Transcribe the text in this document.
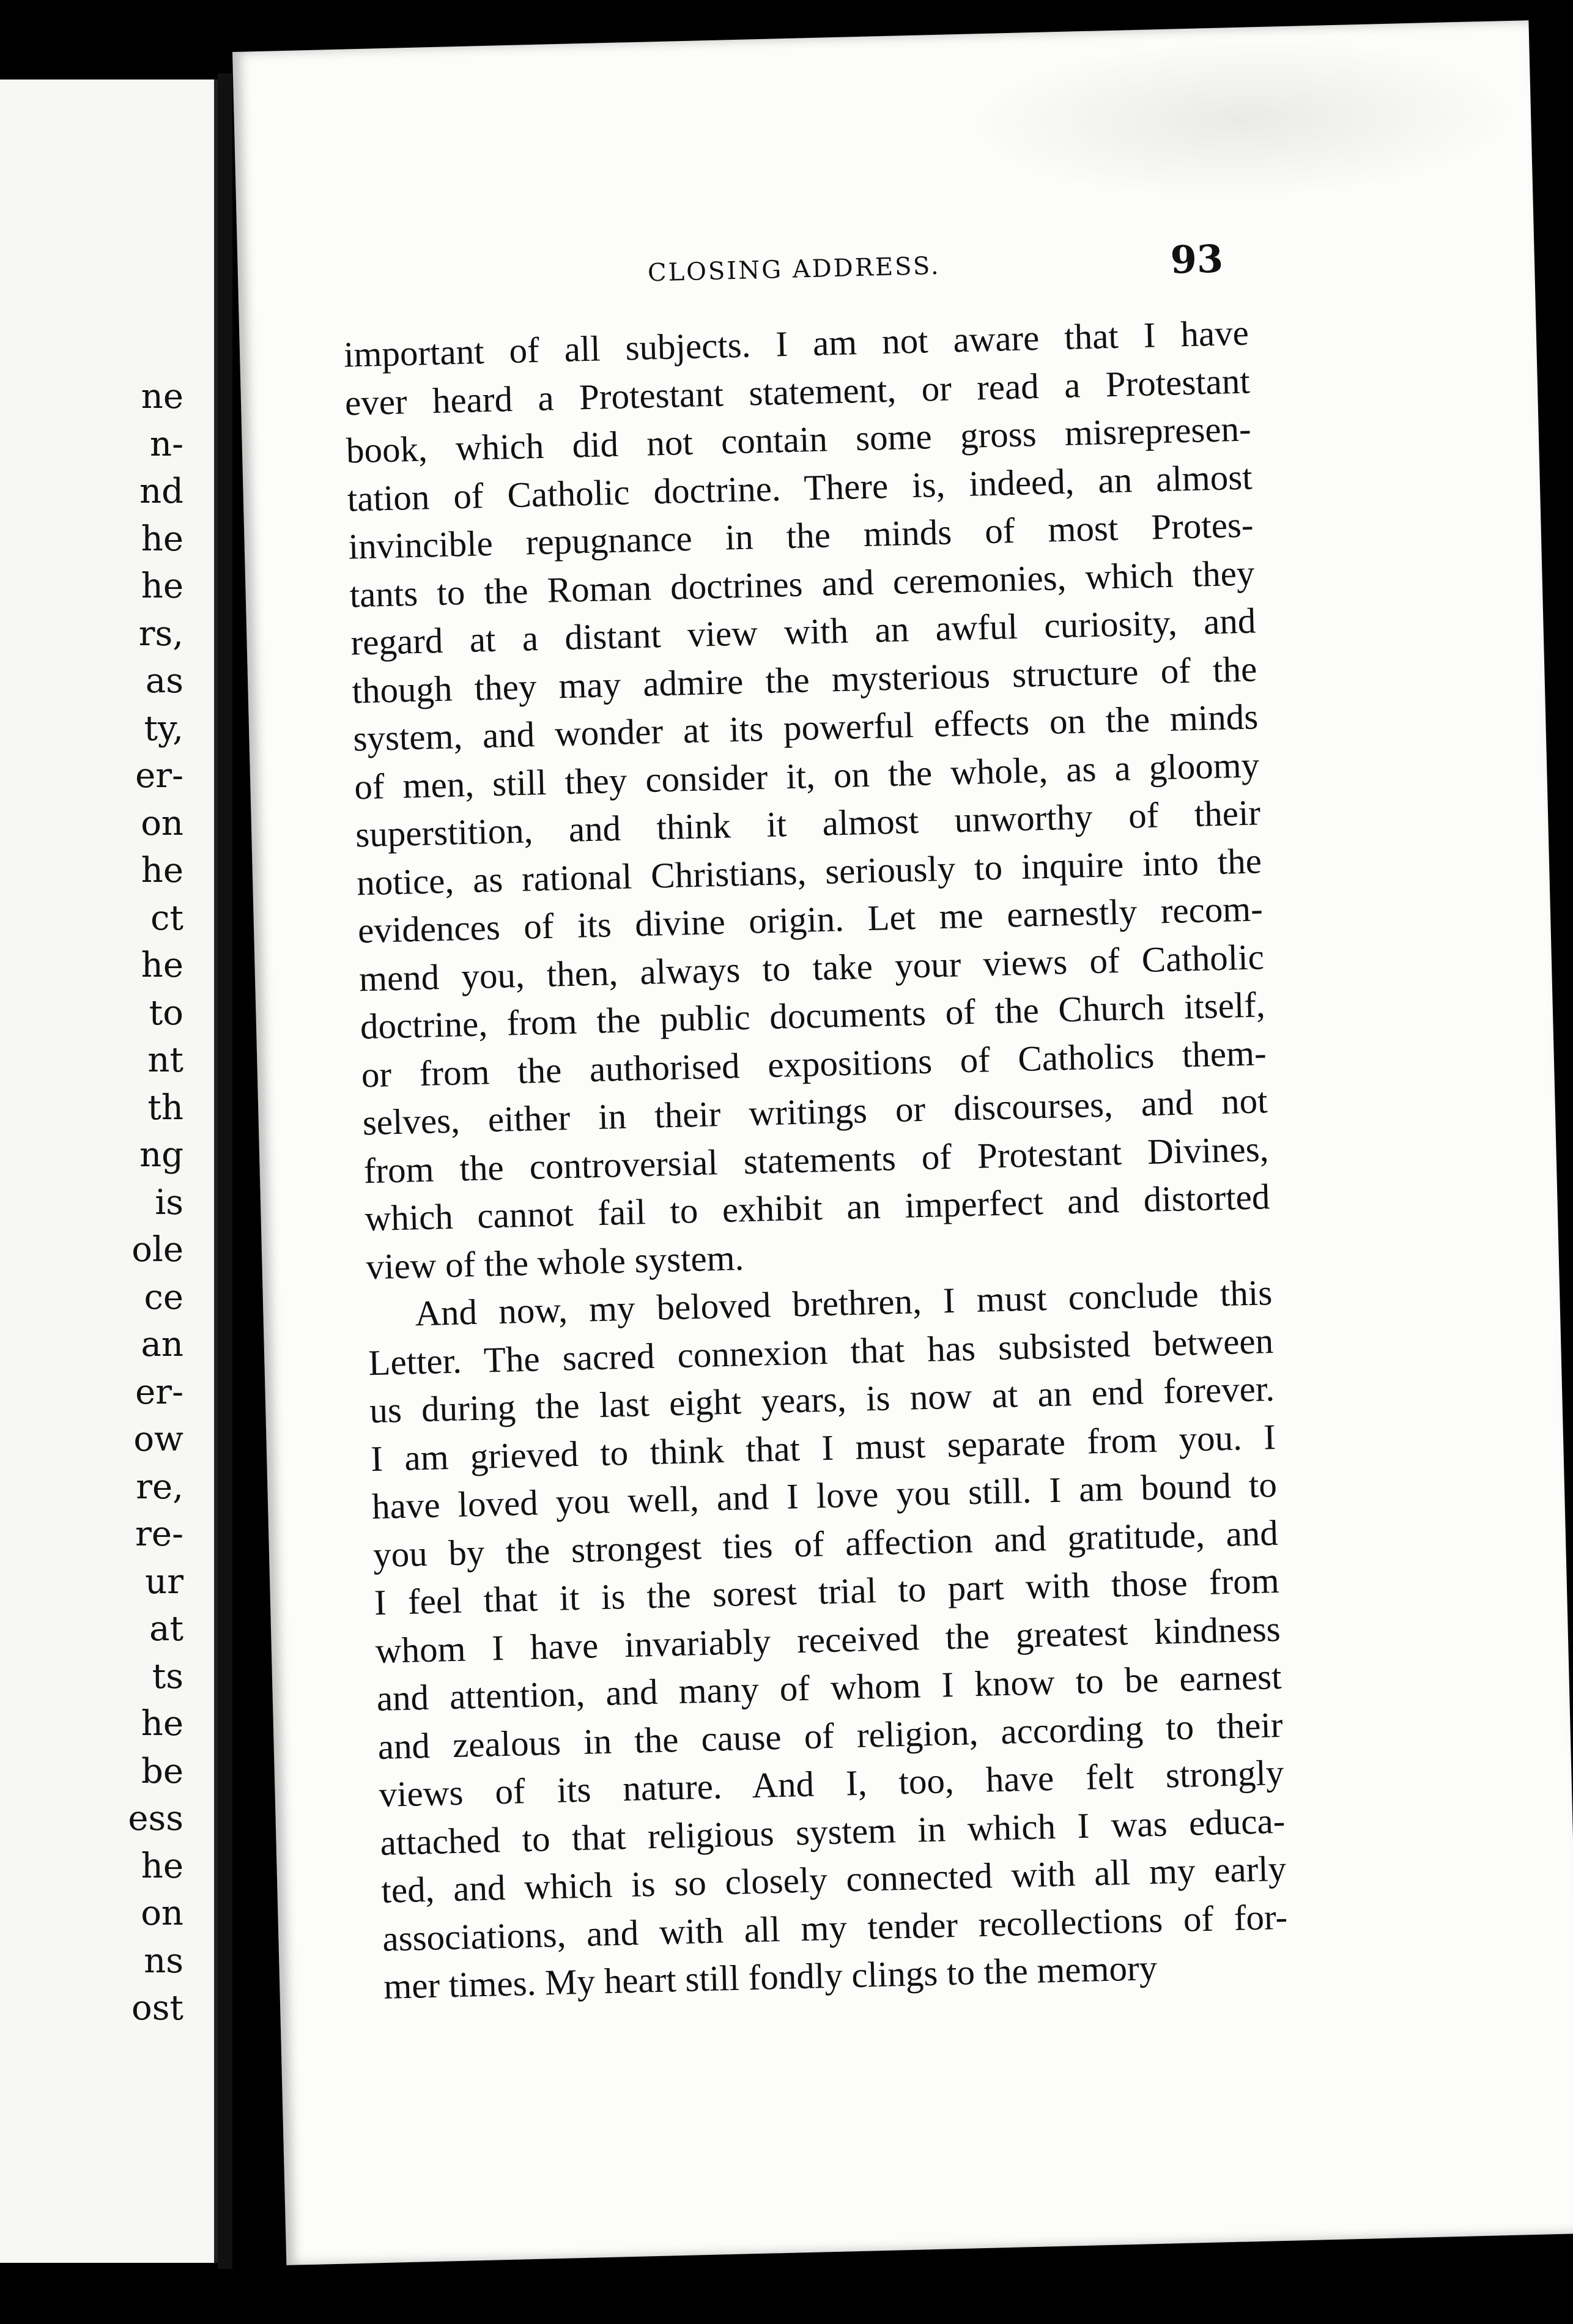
ne
n-
nd
he
he
rs,
as
ty,
er-
on
he
ct
he
to
nt
th
ng
is
ole
ce
an
er-
ow
re,
re-
ur
at
ts
he
be
ess
he
on
ns
ost
CLOSING ADDRESS.	93
important of all subjects. I am not aware that I have
ever heard a Protestant statement, or read a Protestant
book, which did not contain some gross misrepresen-
tation of Catholic doctrine. There is, indeed, an almost
invincible repugnance in the minds of most Protes-
tants to the Roman doctrines and ceremonies, which they
regard at a distant view with an awful curiosity, and
though they may admire the mysterious structure of the
system, and wonder at its powerful effects on the minds
of men, still they consider it, on the whole, as a gloomy
superstition, and think it almost unworthy of their
notice, as rational Christians, seriously to inquire into the
evidences of its divine origin. Let me earnestly recom-
mend you, then, always to take your views of Catholic
doctrine, from the public documents of the Church itself,
or from the authorised expositions of Catholics them-
selves, either in their writings or discourses, and not
from the controversial statements of Protestant Divines,
which cannot fail to exhibit an imperfect and distorted
view of the whole system.
And now, my beloved brethren, I must conclude this
Letter. The sacred connexion that has subsisted between
us during the last eight years, is now at an end forever.
I am grieved to think that I must separate from you. I
have loved you well, and I love you still. I am bound to
you by the strongest ties of affection and gratitude, and
I feel that it is the sorest trial to part with those from
whom I have invariably received the greatest kindness
and attention, and many of whom I know to be earnest
and zealous in the cause of religion, according to their
views of its nature. And I, too, have felt strongly
attached to that religious system in which I was educa-
ted, and which is so closely connected with all my early
associations, and with all my tender recollections of for-
mer times. My heart still fondly clings to the memory
